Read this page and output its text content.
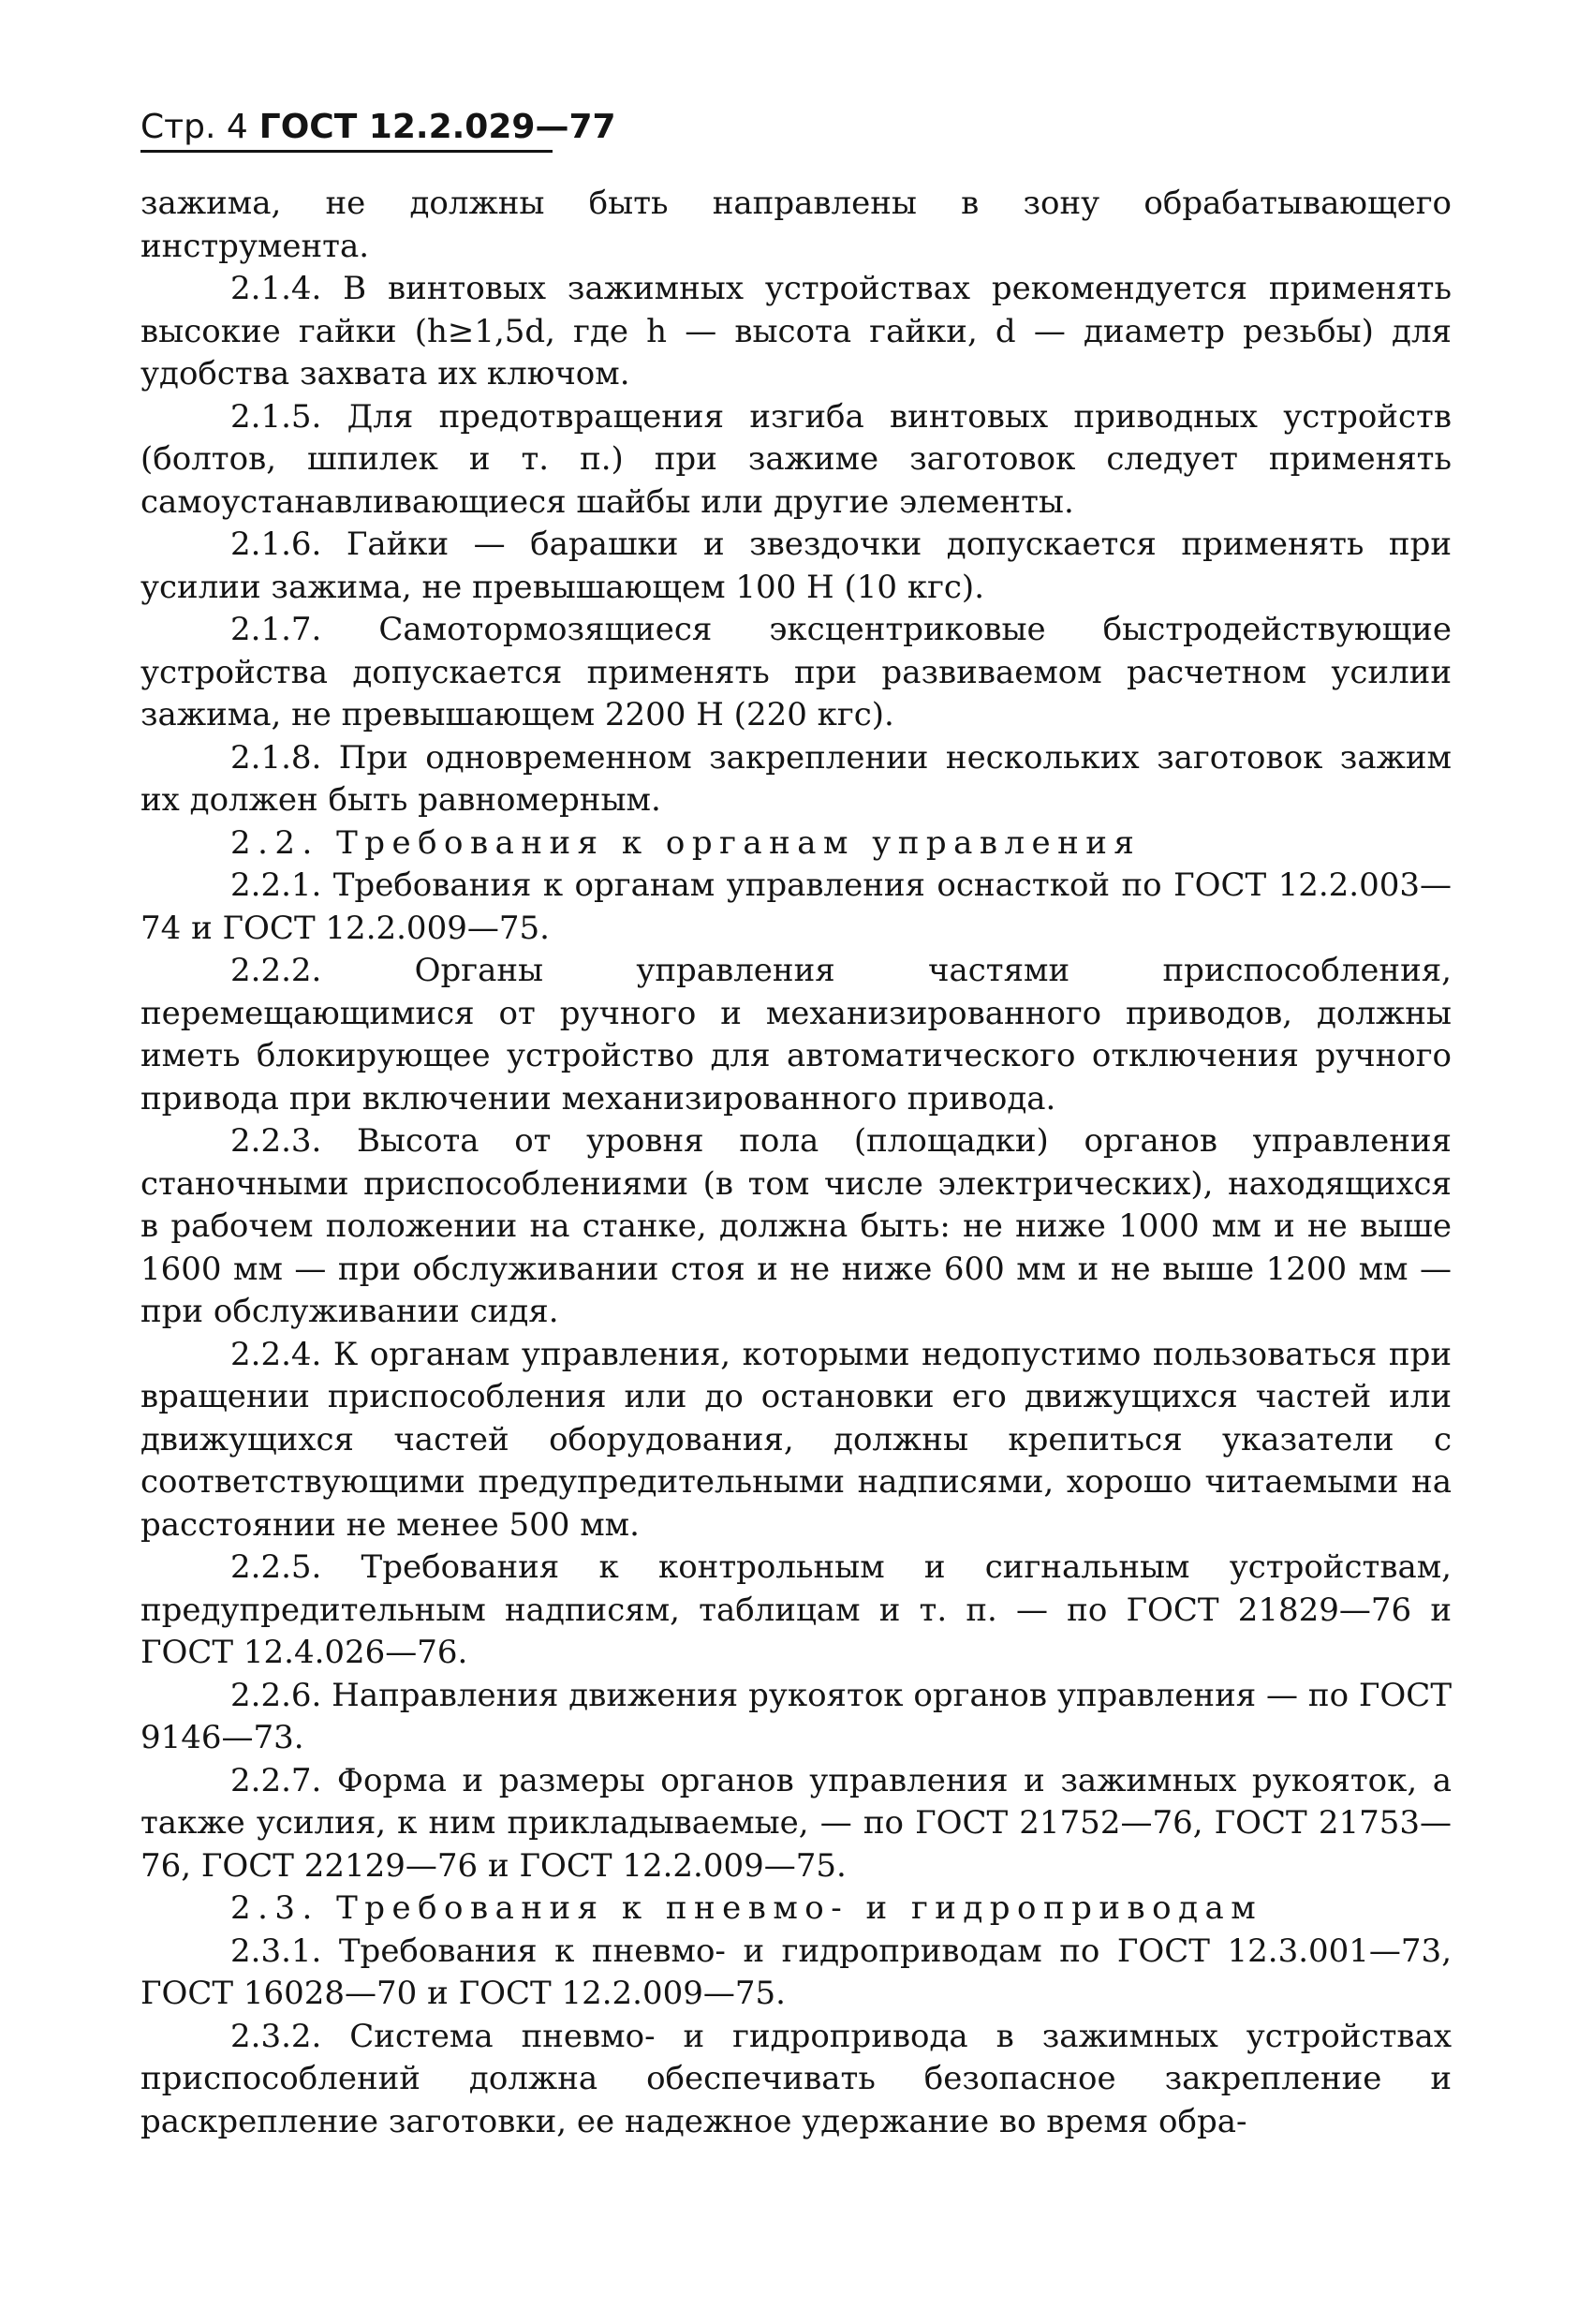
Стр. 4 ГОСТ 12.2.029—77

зажима, не должны быть направлены в зону обрабатывающего инструмента.

2.1.4. В винтовых зажимных устройствах рекомендуется применять высокие гайки (h≥1,5d, где h — высота гайки, d — диаметр резьбы) для удобства захвата их ключом.

2.1.5. Для предотвращения изгиба винтовых приводных устройств (болтов, шпилек и т. п.) при зажиме заготовок следует применять самоустанавливающиеся шайбы или другие элементы.

2.1.6. Гайки — барашки и звездочки допускается применять при усилии зажима, не превышающем 100 Н (10 кгс).

2.1.7. Самотормозящиеся эксцентриковые быстродействующие устройства допускается применять при развиваемом расчетном усилии зажима, не превышающем 2200 Н (220 кгс).

2.1.8. При одновременном закреплении нескольких заготовок зажим их должен быть равномерным.

2.2. Требования к органам управления

2.2.1. Требования к органам управления оснасткой по ГОСТ 12.2.003—74 и ГОСТ 12.2.009—75.

2.2.2. Органы управления частями приспособления, перемещающимися от ручного и механизированного приводов, должны иметь блокирующее устройство для автоматического отключения ручного привода при включении механизированного привода.

2.2.3. Высота от уровня пола (площадки) органов управления станочными приспособлениями (в том числе электрических), находящихся в рабочем положении на станке, должна быть: не ниже 1000 мм и не выше 1600 мм — при обслуживании стоя и не ниже 600 мм и не выше 1200 мм — при обслуживании сидя.

2.2.4. К органам управления, которыми недопустимо пользоваться при вращении приспособления или до остановки его движущихся частей или движущихся частей оборудования, должны крепиться указатели с соответствующими предупредительными надписями, хорошо читаемыми на расстоянии не менее 500 мм.

2.2.5. Требования к контрольным и сигнальным устройствам, предупредительным надписям, таблицам и т. п. — по ГОСТ 21829—76 и ГОСТ 12.4.026—76.

2.2.6. Направления движения рукояток органов управления — по ГОСТ 9146—73.

2.2.7. Форма и размеры органов управления и зажимных рукояток, а также усилия, к ним прикладываемые, — по ГОСТ 21752—76, ГОСТ 21753—76, ГОСТ 22129—76 и ГОСТ 12.2.009—75.

2.3. Требования к пневмо- и гидроприводам

2.3.1. Требования к пневмо- и гидроприводам по ГОСТ 12.3.001—73, ГОСТ 16028—70 и ГОСТ 12.2.009—75.

2.3.2. Система пневмо- и гидропривода в зажимных устройствах приспособлений должна обеспечивать безопасное закрепление и раскрепление заготовки, ее надежное удержание во время обра-
